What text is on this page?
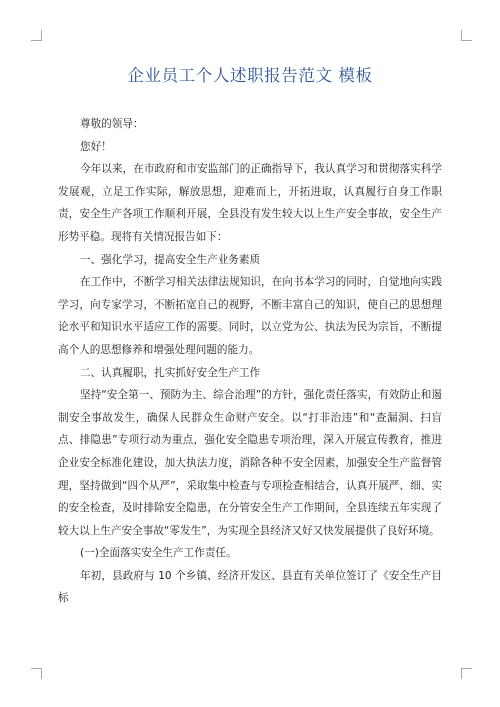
企业员工个人述职报告范文 模板

尊敬的领导：

您好！

今年以来，在市政府和市安监部门的正确指导下，我认真学习和贯彻落实科学发展观，立足工作实际，解放思想，迎难而上，开拓进取，认真履行自身工作职责，安全生产各项工作顺利开展，全县没有发生较大以上生产安全事故，安全生产形势平稳。现将有关情况报告如下：

一、强化学习，提高安全生产业务素质

在工作中，不断学习相关法律法规知识，在向书本学习的同时，自觉地向实践学习，向专家学习，不断拓宽自己的视野，不断丰富自己的知识，使自己的思想理论水平和知识水平适应工作的需要。同时，以立党为公、执法为民为宗旨，不断提高个人的思想修养和增强处理问题的能力。

二、认真履职，扎实抓好安全生产工作

坚持“安全第一、预防为主、综合治理”的方针，强化责任落实，有效防止和遏制安全事故发生，确保人民群众生命财产安全。以“打非治违”和“查漏洞、扫盲点、排隐患”专项行动为重点，强化安全隐患专项治理，深入开展宣传教育，推进企业安全标准化建设，加大执法力度，消除各种不安全因素，加强安全生产监督管理，坚持做到“四个从严”，采取集中检查与专项检查相结合，认真开展严、细、实的安全检查，及时排除安全隐患，在分管安全生产工作期间，全县连续五年实现了较大以上生产安全事故“零发生”，为实现全县经济又好又快发展提供了良好环境。

(一)全面落实安全生产工作责任。

年初，县政府与 10 个乡镇、经济开发区、县直有关单位签订了《安全生产目标
